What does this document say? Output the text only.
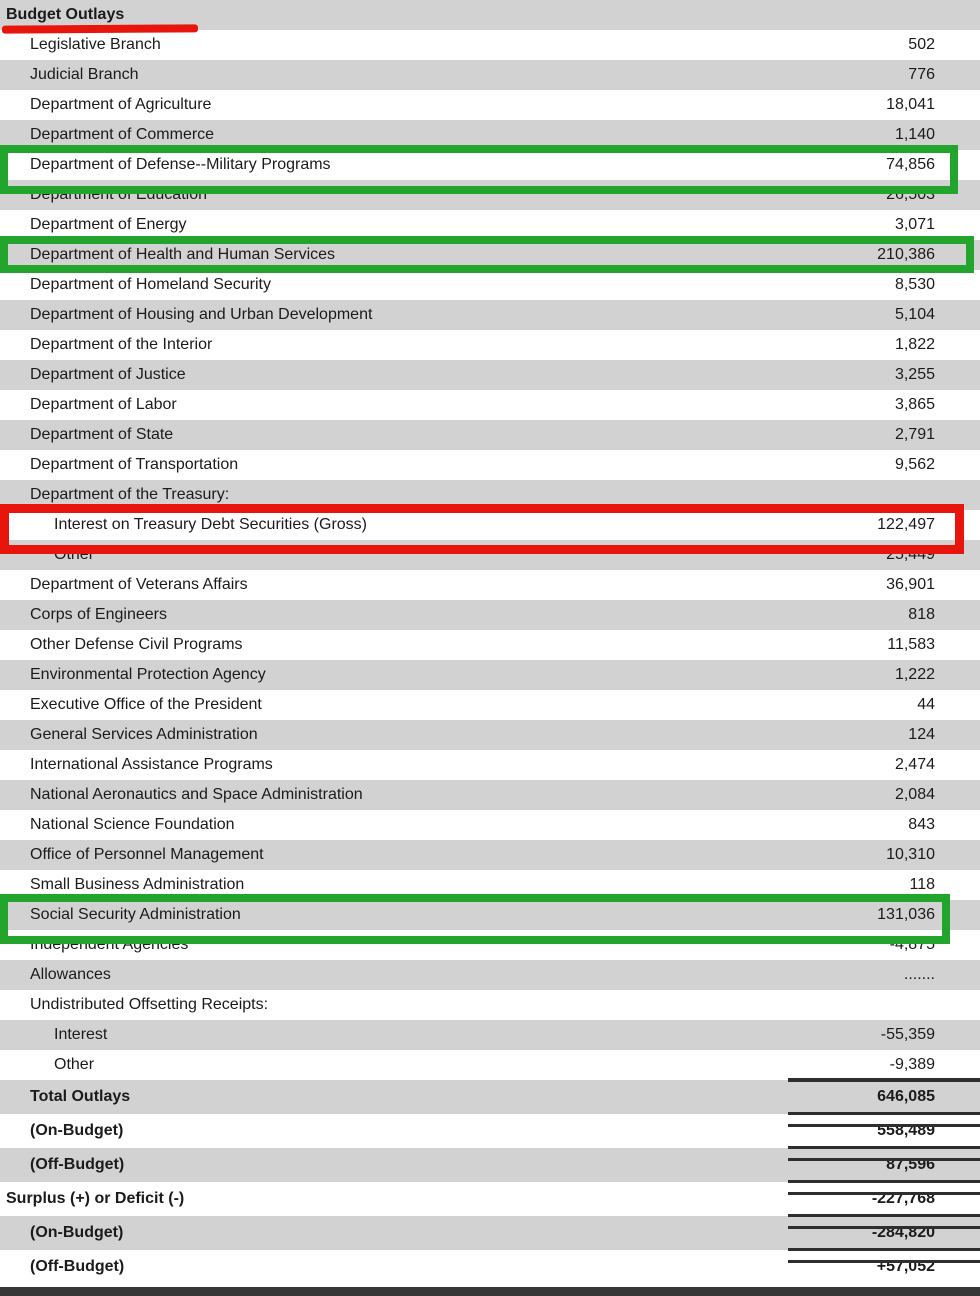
Budget Outlays
Legislative Branch	502
Judicial Branch	776
Department of Agriculture	18,041
Department of Commerce	1,140
Department of Defense--Military Programs	74,856
Department of Education	26,503
Department of Energy	3,071
Department of Health and Human Services	210,386
Department of Homeland Security	8,530
Department of Housing and Urban Development	5,104
Department of the Interior	1,822
Department of Justice	3,255
Department of Labor	3,865
Department of State	2,791
Department of Transportation	9,562
Department of the Treasury:
Interest on Treasury Debt Securities (Gross)	122,497
Other	25,449
Department of Veterans Affairs	36,901
Corps of Engineers	818
Other Defense Civil Programs	11,583
Environmental Protection Agency	1,222
Executive Office of the President	44
General Services Administration	124
International Assistance Programs	2,474
National Aeronautics and Space Administration	2,084
National Science Foundation	843
Office of Personnel Management	10,310
Small Business Administration	118
Social Security Administration	131,036
Independent Agencies	-4,875
Allowances	.......
Undistributed Offsetting Receipts:
Interest	-55,359
Other	-9,389
Total Outlays	646,085
(On-Budget)	558,489
(Off-Budget)	87,596
Surplus (+) or Deficit (-)	-227,768
(On-Budget)	-284,820
(Off-Budget)	+57,052
